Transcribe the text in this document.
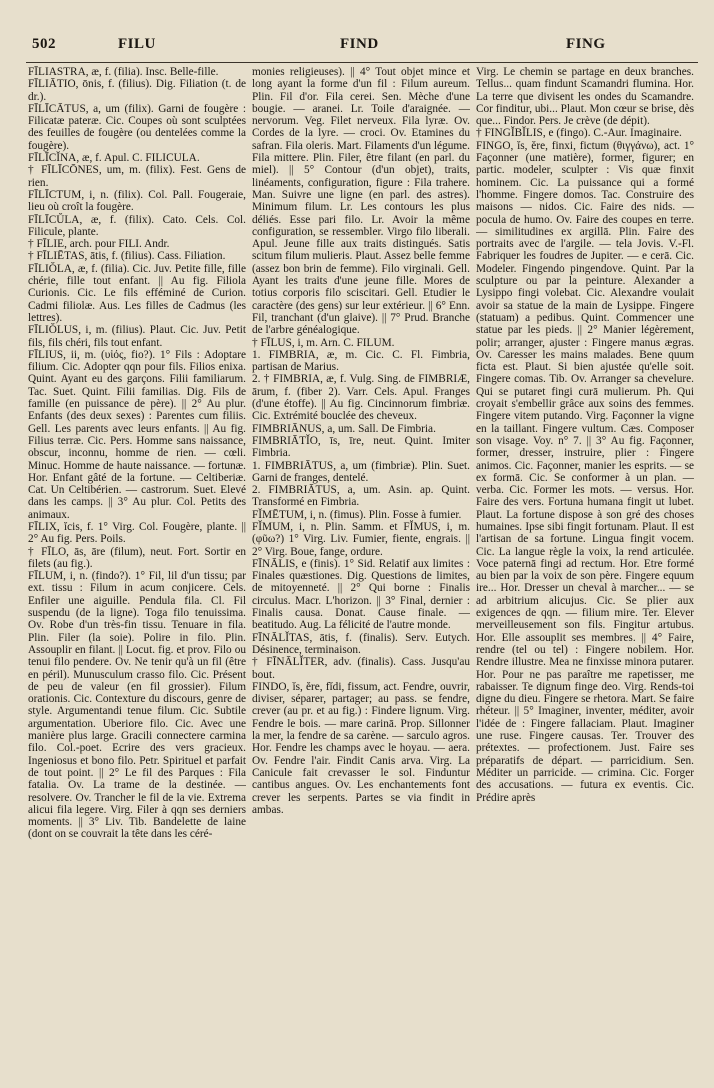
502	FILU	FIND	FING

FĪLIASTRA, æ, f. (filia). Insc. Belle-fille.

FĪLIĀTIO, ōnis, f. (filius). Dig. Filiation (t. de dr.).

FĪLĪCĀTUS, a, um (filix). Garni de fougère : Filicatæ pateræ. Cic. Coupes où sont sculptées des feuilles de fougère (ou dentelées comme la fougère).

FĪLĪCĬNA, æ, f. Apul. C. FILICULA.

† FĪLĪCŌNES, um, m. (filix). Fest. Gens de rien.

FĪLĪCTUM, i, n. (filix). Col. Pall. Fougeraie, lieu où croît la fougère.

FĪLĪCŬLA, æ, f. (filix). Cato. Cels. Col. Filicule, plante.

† FĪLIE, arch. pour FILI. Andr.

† FĪLIĒTAS, ātis, f. (filius). Cass. Filiation.

FĪLIŎLA, æ, f. (filia). Cic. Juv. Petite fille, fille chérie, fille tout enfant. || Au fig. Filiola Curionis. Cic. Le fils efféminé de Curion. Cadmi filiolæ. Aus. Les filles de Cadmus (les lettres).

FĪLIŎLUS, i, m. (filius). Plaut. Cic. Juv. Petit fils, fils chéri, fils tout enfant.

FĪLIUS, ii, m. (υἱός, fio?). 1° Fils : Adoptare filium. Cic. Adopter qqn pour fils. Filios enixa. Quint. Ayant eu des garçons. Filii familiarum. Tac. Suet. Quint. Filii familias. Dig. Fils de famille (en puissance de père). || 2° Au plur. Enfants (des deux sexes) : Parentes cum filiis. Gell. Les parents avec leurs enfants. || Au fig. Filius terræ. Cic. Pers. Homme sans naissance, obscur, inconnu, homme de rien. — cœli. Minuc. Homme de haute naissance. — fortunæ. Hor. Enfant gâté de la fortune. — Celtiberiæ. Cat. Un Celtibérien. — castrorum. Suet. Elevé dans les camps. || 3° Au plur. Col. Petits des animaux.

FĪLIX, ĭcis, f. 1° Virg. Col. Fougère, plante. || 2° Au fig. Pers. Poils.

† FĪLO, ās, āre (filum), neut. Fort. Sortir en filets (au fig.).

FĪLUM, i, n. (findo?). 1° Fil, lil d'un tissu; par ext. tissu : Filum in acum conjicere. Cels. Enfiler une aiguille. Pendula fila. Cl. Fil suspendu (de la ligne). Toga filo tenuissima. Ov. Robe d'un très-fin tissu. Tenuare in fila. Plin. Filer (la soie). Polire in filo. Plin. Assouplir en filant. || Locut. fig. et prov. Filo ou tenui filo pendere. Ov. Ne tenir qu'à un fil (être en péril). Munusculum crasso filo. Cic. Présent de peu de valeur (en fil grossier). Filum orationis. Cic. Contexture du discours, genre de style. Argumentandi tenue filum. Cic. Subtile argumentation. Uberiore filo. Cic. Avec une manière plus large. Gracili connectere carmina filo. Col.-poet. Ecrire des vers gracieux. Ingeniosus et bono filo. Petr. Spirituel et parfait de tout point. || 2° Le fil des Parques : Fila fatalia. Ov. La trame de la destinée. — resolvere. Ov. Trancher le fil de la vie. Extrema alicui fila legere. Virg. Filer à qqn ses derniers moments. || 3° Liv. Tib. Bandelette de laine (dont on se couvrait la tête dans les céré-

monies religieuses). || 4° Tout objet mince et long ayant la forme d'un fil : Filum aureum. Plin. Fil d'or. Fila cerei. Sen. Mèche d'une bougie. — aranei. Lr. Toile d'araignée. — nervorum. Veg. Filet nerveux. Fila lyræ. Ov. Cordes de la lyre. — croci. Ov. Etamines du safran. Fila oleris. Mart. Filaments d'un légume. Fila mittere. Plin. Filer, être filant (en parl. du miel). || 5° Contour (d'un objet), traits, linéaments, configuration, figure : Fila trahere. Man. Suivre une ligne (en parl. des astres). Minimum filum. Lr. Les contours les plus déliés. Esse pari filo. Lr. Avoir la même configuration, se ressembler. Virgo filo liberali. Apul. Jeune fille aux traits distingués. Satis scitum filum mulieris. Plaut. Assez belle femme (assez bon brin de femme). Filo virginali. Gell. Ayant les traits d'une jeune fille. Mores de totius corporis filo sciscitari. Gell. Etudier le caractère (des gens) sur leur extérieur. || 6° Enn. Fil, tranchant (d'un glaive). || 7° Prud. Branche de l'arbre généalogique.

† FĪLUS, i, m. Arn. C. FILUM.

1. FIMBRIA, æ, m. Cic. C. Fl. Fimbria, partisan de Marius.

2. † FIMBRIA, æ, f. Vulg. Sing. de FIMBRIÆ, ārum, f. (fiber 2). Varr. Cels. Apul. Franges (d'une étoffe). || Au fig. Cincinnorum fimbriæ. Cic. Extrémité bouclée des cheveux.

FIMBRIĀNUS, a, um. Sall. De Fimbria.

FIMBRIĀTĬO, īs, īre, neut. Quint. Imiter Fimbria.

1. FIMBRIĀTUS, a, um (fimbriæ). Plin. Suet. Garni de franges, dentelé.

2. FIMBRIĀTUS, a, um. Asin. ap. Quint. Transformé en Fimbria.

FĬMĒTUM, i, n. (fimus). Plin. Fosse à fumier.

FĬMUM, i, n. Plin. Samm. et FĬMUS, i, m. (φῦω?) 1° Virg. Liv. Fumier, fiente, engrais. || 2° Virg. Boue, fange, ordure.

FĪNĀLIS, e (finis). 1° Sid. Relatif aux limites : Finales quæstiones. Dig. Questions de limites, de mitoyenneté. || 2° Qui borne : Finalis circulus. Macr. L'horizon. || 3° Final, dernier : Finalis causa. Donat. Cause finale. — beatitudo. Aug. La félicité de l'autre monde.

FĪNĀLĬTAS, ātis, f. (finalis). Serv. Eutych. Désinence, terminaison.

† FĪNĀLĬTER, adv. (finalis). Cass. Jusqu'au bout.

FINDO, ĭs, ĕre, fĭdi, fissum, act. Fendre, ouvrir, diviser, séparer, partager; au pass. se fendre, crever (au pr. et au fig.) : Findere lignum. Virg. Fendre le bois. — mare carinā. Prop. Sillonner la mer, la fendre de sa carène. — sarculo agros. Hor. Fendre les champs avec le hoyau. — aera. Ov. Fendre l'air. Findit Canis arva. Virg. La Canicule fait crevasser le sol. Finduntur cantibus angues. Ov. Les enchantements font crever les serpents. Partes se via findit in ambas.

Virg. Le chemin se partage en deux branches. Tellus... quam findunt Scamandri flumina. Hor. La terre que divisent les ondes du Scamandre. Cor finditur, ubi... Plaut. Mon cœur se brise, dès que... Findor. Pers. Je crève (de dépit).

† FINGĬBĬLIS, e (fingo). C.-Aur. Imaginaire.

FINGO, ĭs, ĕre, finxi, fictum (θιγγάνω), act. 1° Façonner (une matière), former, figurer; en partic. modeler, sculpter : Vis quæ finxit hominem. Cic. La puissance qui a formé l'homme. Fingere domos. Tac. Construire des maisons — nidos. Cic. Faire des nids. — pocula de humo. Ov. Faire des coupes en terre. — similitudines ex argillā. Plin. Faire des portraits avec de l'argile. — tela Jovis. V.-Fl. Fabriquer les foudres de Jupiter. — e cerā. Cic. Modeler. Fingendo pingendove. Quint. Par la sculpture ou par la peinture. Alexander a Lysippo fingi volebat. Cic. Alexandre voulait avoir sa statue de la main de Lysippe. Fingere (statuam) a pedibus. Quint. Commencer une statue par les pieds. || 2° Manier légèrement, polir; arranger, ajuster : Fingere manus ægras. Ov. Caresser les mains malades. Bene quum ficta est. Plaut. Si bien ajustée qu'elle soit. Fingere comas. Tib. Ov. Arranger sa chevelure. Qui se putaret fingi curā mulierum. Ph. Qui croyait s'embellir grâce aux soins des femmes. Fingere vitem putando. Virg. Façonner la vigne en la taillant. Fingere vultum. Cæs. Composer son visage. Voy. n° 7. || 3° Au fig. Façonner, former, dresser, instruire, plier : Fingere animos. Cic. Façonner, manier les esprits. — se ex formā. Cic. Se conformer à un plan. — verba. Cic. Former les mots. — versus. Hor. Faire des vers. Fortuna humana fingit ut lubet. Plaut. La fortune dispose à son gré des choses humaines. Ipse sibi fingit fortunam. Plaut. Il est l'artisan de sa fortune. Lingua fingit vocem. Cic. La langue règle la voix, la rend articulée. Voce paternā fingi ad rectum. Hor. Etre formé au bien par la voix de son père. Fingere equum ire... Hor. Dresser un cheval à marcher... — se ad arbitrium alicujus. Cic. Se plier aux exigences de qqn. — filium mire. Ter. Elever merveilleusement son fils. Fingitur artubus. Hor. Elle assouplit ses membres. || 4° Faire, rendre (tel ou tel) : Fingere nobilem. Hor. Rendre illustre. Mea ne finxisse minora putarer. Hor. Pour ne pas paraître me rapetisser, me rabaisser. Te dignum finge deo. Virg. Rends-toi digne du dieu. Fingere se rhetora. Mart. Se faire rhéteur. || 5° Imaginer, inventer, méditer, avoir l'idée de : Fingere fallaciam. Plaut. Imaginer une ruse. Fingere causas. Ter. Trouver des prétextes. — profectionem. Just. Faire ses préparatifs de départ. — parricidium. Sen. Méditer un parricide. — crimina. Cic. Forger des accusations. — futura ex eventis. Cic. Prédire après
